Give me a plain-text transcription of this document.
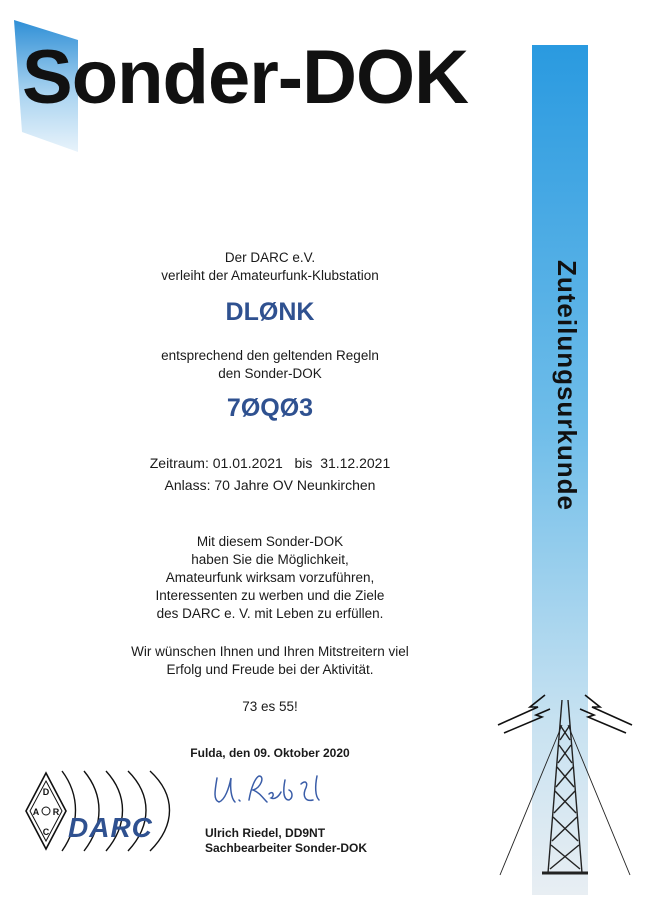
Sonder-DOK
Zuteilungsurkunde
Der DARC e.V.
verleiht der Amateurfunk-Klubstation
DLØNK
entsprechend den geltenden Regeln
den Sonder-DOK
7ØQØ3
Zeitraum: 01.01.2021 bis 31.12.2021
Anlass: 70 Jahre OV Neunkirchen
Mit diesem Sonder-DOK
haben Sie die Möglichkeit,
Amateurfunk wirksam vorzuführen,
Interessenten zu werben und die Ziele
des DARC e. V. mit Leben zu erfüllen.
Wir wünschen Ihnen und Ihren Mitstreitern viel
Erfolg und Freude bei der Aktivität.
73 es 55!
Fulda, den 09. Oktober 2020
D
A R
C DARC	Ulrich Riedel, DD9NT
Sachbearbeiter Sonder-DOK
